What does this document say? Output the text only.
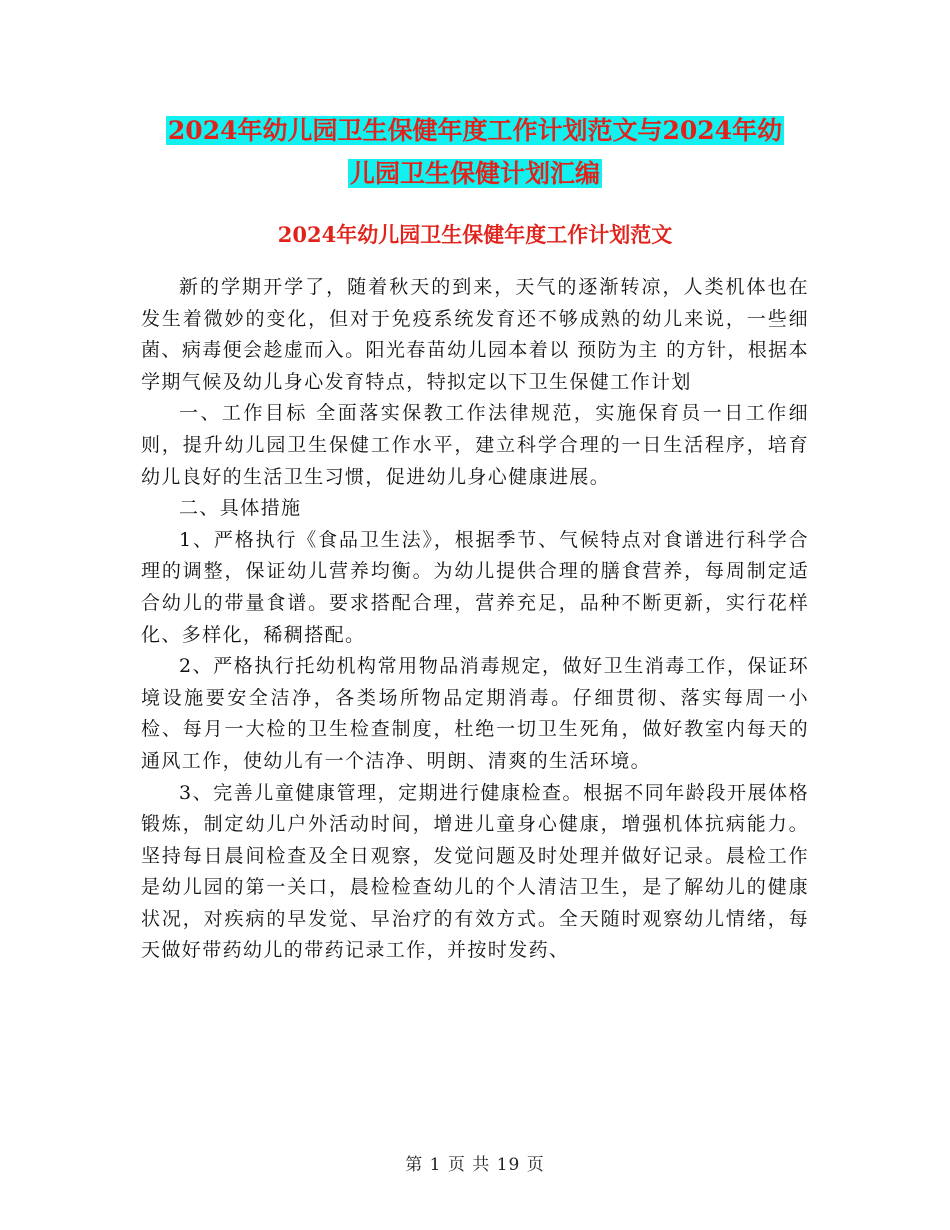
2024年幼儿园卫生保健年度工作计划范文与2024年幼
儿园卫生保健计划汇编
2024年幼儿园卫生保健年度工作计划范文

新的学期开学了，随着秋天的到来，天气的逐渐转凉，人类机体也在发生着微妙的变化，但对于免疫系统发育还不够成熟的幼儿来说，一些细菌、病毒便会趁虚而入。阳光春苗幼儿园本着以 预防为主 的方针，根据本学期气候及幼儿身心发育特点，特拟定以下卫生保健工作计划

一、工作目标 全面落实保教工作法律规范，实施保育员一日工作细则，提升幼儿园卫生保健工作水平，建立科学合理的一日生活程序，培育幼儿良好的生活卫生习惯，促进幼儿身心健康进展。

二、具体措施

1、严格执行《食品卫生法》，根据季节、气候特点对食谱进行科学合理的调整，保证幼儿营养均衡。为幼儿提供合理的膳食营养，每周制定适合幼儿的带量食谱。要求搭配合理，营养充足，品种不断更新，实行花样化、多样化，稀稠搭配。

2、严格执行托幼机构常用物品消毒规定，做好卫生消毒工作，保证环境设施要安全洁净，各类场所物品定期消毒。仔细贯彻、落实每周一小检、每月一大检的卫生检查制度，杜绝一切卫生死角，做好教室内每天的通风工作，使幼儿有一个洁净、明朗、清爽的生活环境。

3、完善儿童健康管理，定期进行健康检查。根据不同年龄段开展体格锻炼，制定幼儿户外活动时间，增进儿童身心健康，增强机体抗病能力。坚持每日晨间检查及全日观察，发觉问题及时处理并做好记录。晨检工作是幼儿园的第一关口，晨检检查幼儿的个人清洁卫生，是了解幼儿的健康状况，对疾病的早发觉、早治疗的有效方式。全天随时观察幼儿情绪，每天做好带药幼儿的带药记录工作，并按时发药、

第 1 页 共 19 页
